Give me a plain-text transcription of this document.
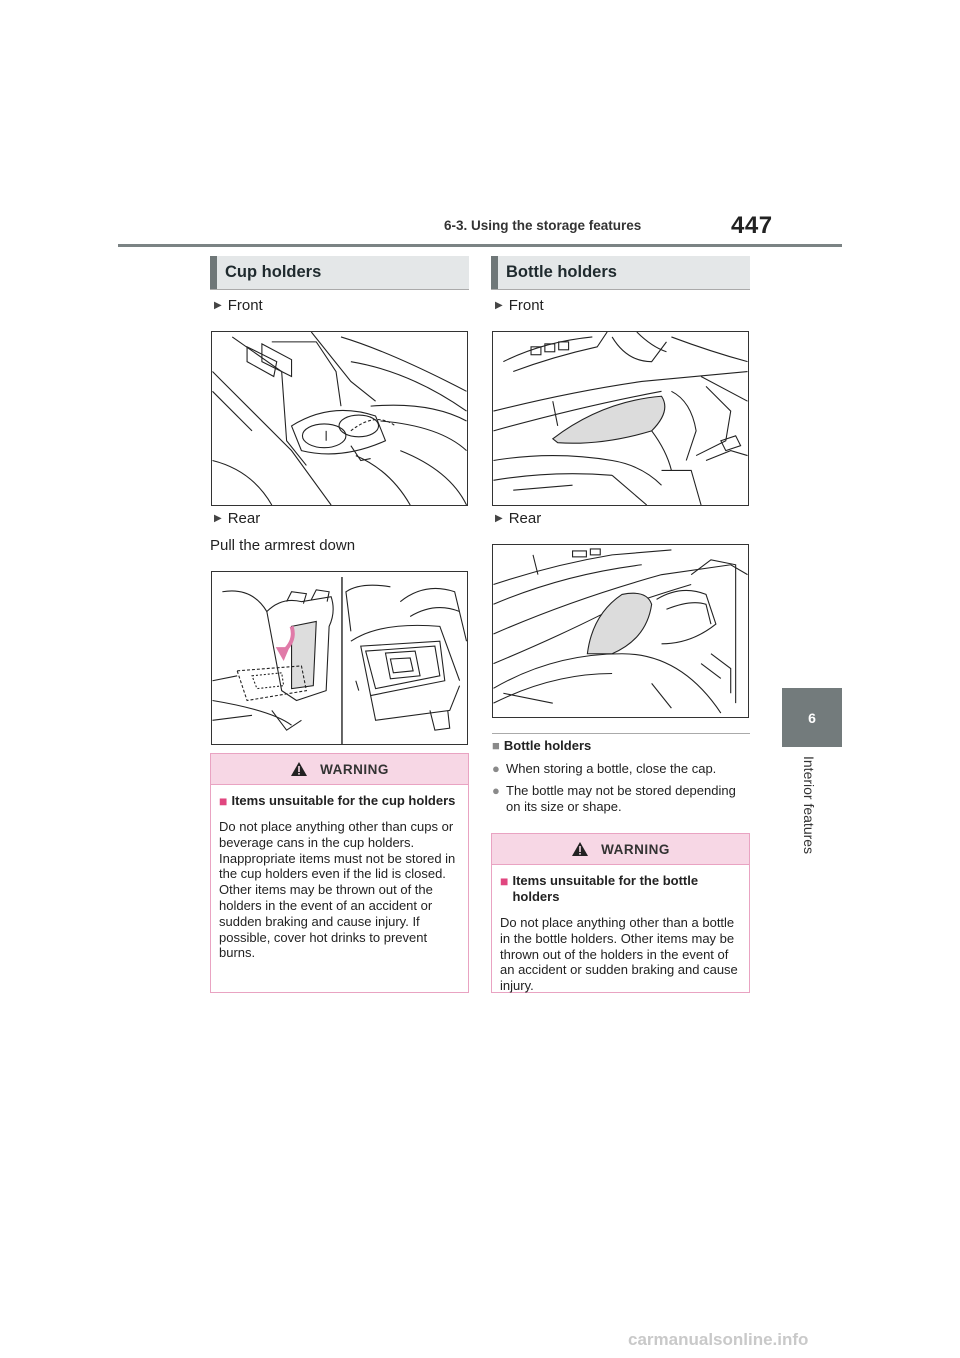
6-3. Using the storage features	447
6
Interior features
Cup holders
▶ Front
▶ Rear
Pull the armrest down
WARNING
■ Items unsuitable for the cup holders
Do not place anything other than cups or beverage cans in the cup holders. Inappropriate items must not be stored in the cup holders even if the lid is closed. Other items may be thrown out of the holders in the event of an accident or sudden braking and cause injury. If possible, cover hot drinks to prevent burns.
Bottle holders
▶ Front
▶ Rear
■ Bottle holders
● When storing a bottle, close the cap.
● The bottle may not be stored depending on its size or shape.
WARNING
■ Items unsuitable for the bottle holders
Do not place anything other than a bottle in the bottle holders. Other items may be thrown out of the holders in the event of an accident or sudden braking and cause injury.
carmanualsonline.info
